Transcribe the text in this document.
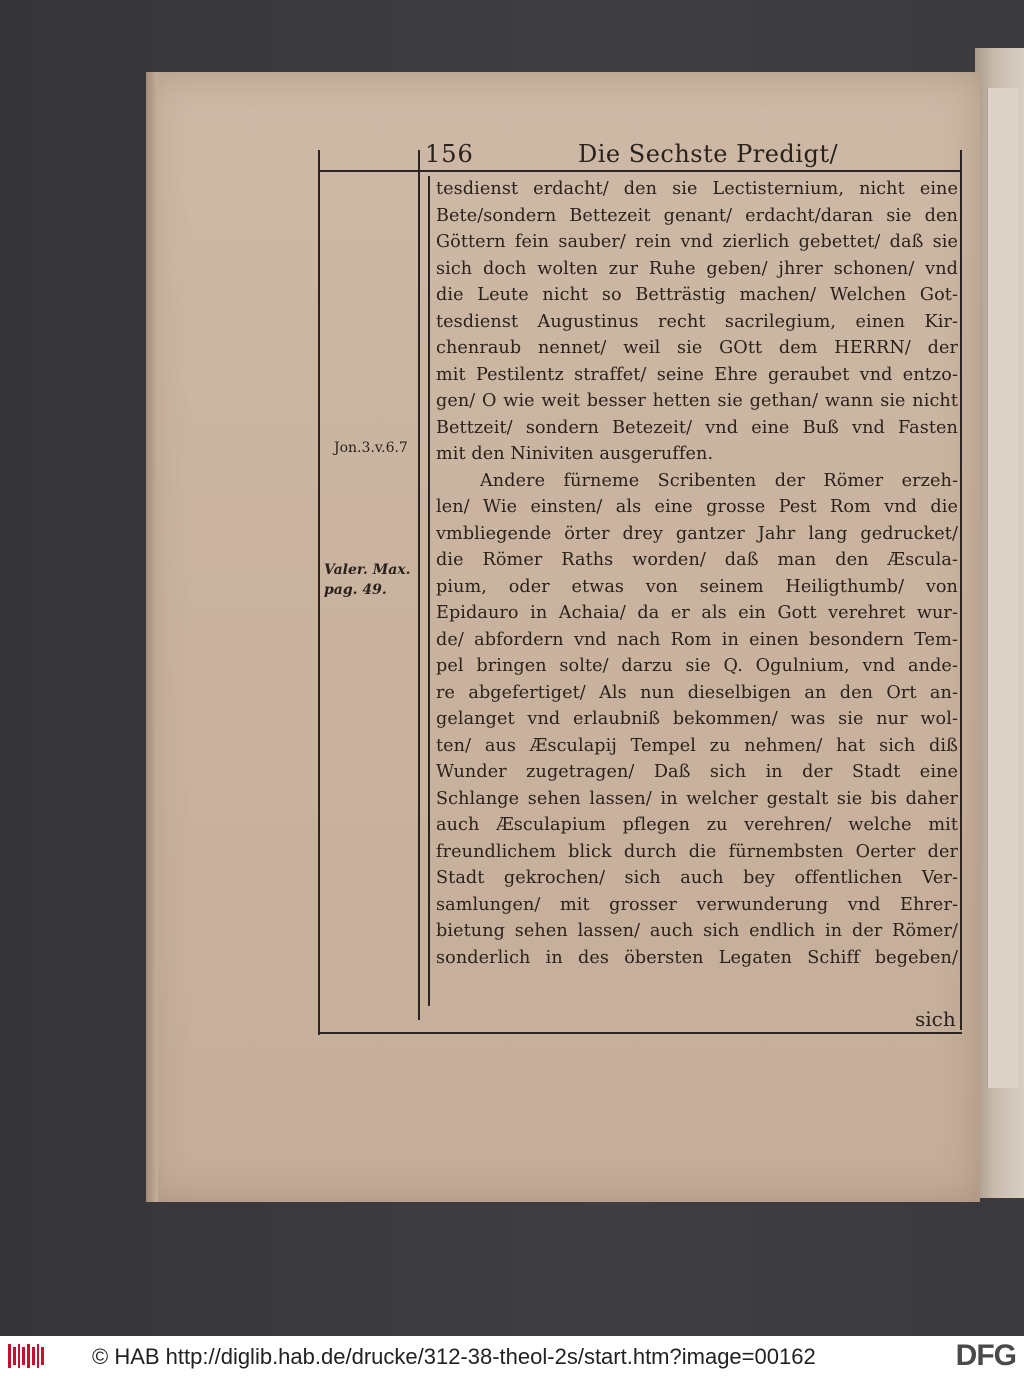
156	Die Sechste Predigt/
tesdienst erdacht/ den sie Lectisternium, nicht eine
Bete/sondern Bettezeit genant/ erdacht/daran sie den
Göttern fein sauber/ rein vnd zierlich gebettet/ daß sie
sich doch wolten zur Ruhe geben/ jhrer schonen/ vnd
die Leute nicht so Betträstig machen/ Welchen Got-
tesdienst Augustinus recht sacrilegium, einen Kir-
chenraub nennet/ weil sie GOtt dem HERRN/ der
mit Pestilentz straffet/ seine Ehre geraubet vnd entzo-
gen/ O wie weit besser hetten sie gethan/ wann sie nicht
Bettzeit/ sondern Betezeit/ vnd eine Buß vnd Fasten
mit den Niniviten ausgeruffen.
Andere fürneme Scribenten der Römer erzeh-
len/ Wie einsten/ als eine grosse Pest Rom vnd die
vmbliegende örter drey gantzer Jahr lang gedrucket/
die Römer Raths worden/ daß man den Æscula-
pium, oder etwas von seinem Heiligthumb/ von
Epidauro in Achaia/ da er als ein Gott verehret wur-
de/ abfordern vnd nach Rom in einen besondern Tem-
pel bringen solte/ darzu sie Q. Ogulnium, vnd ande-
re abgefertiget/ Als nun dieselbigen an den Ort an-
gelanget vnd erlaubniß bekommen/ was sie nur wol-
ten/ aus Æsculapij Tempel zu nehmen/ hat sich diß
Wunder zugetragen/ Daß sich in der Stadt eine
Schlange sehen lassen/ in welcher gestalt sie bis daher
auch Æsculapium pflegen zu verehren/ welche mit
freundlichem blick durch die fürnembsten Oerter der
Stadt gekrochen/ sich auch bey offentlichen Ver-
samlungen/ mit grosser verwunderung vnd Ehrer-
bietung sehen lassen/ auch sich endlich in der Römer/
sonderlich in des öbersten Legaten Schiff begeben/
sich
Jon.3.v.6.7
Valer. Max.
pag. 49.
© HAB http://diglib.hab.de/drucke/312-38-theol-2s/start.htm?image=00162	DFG
